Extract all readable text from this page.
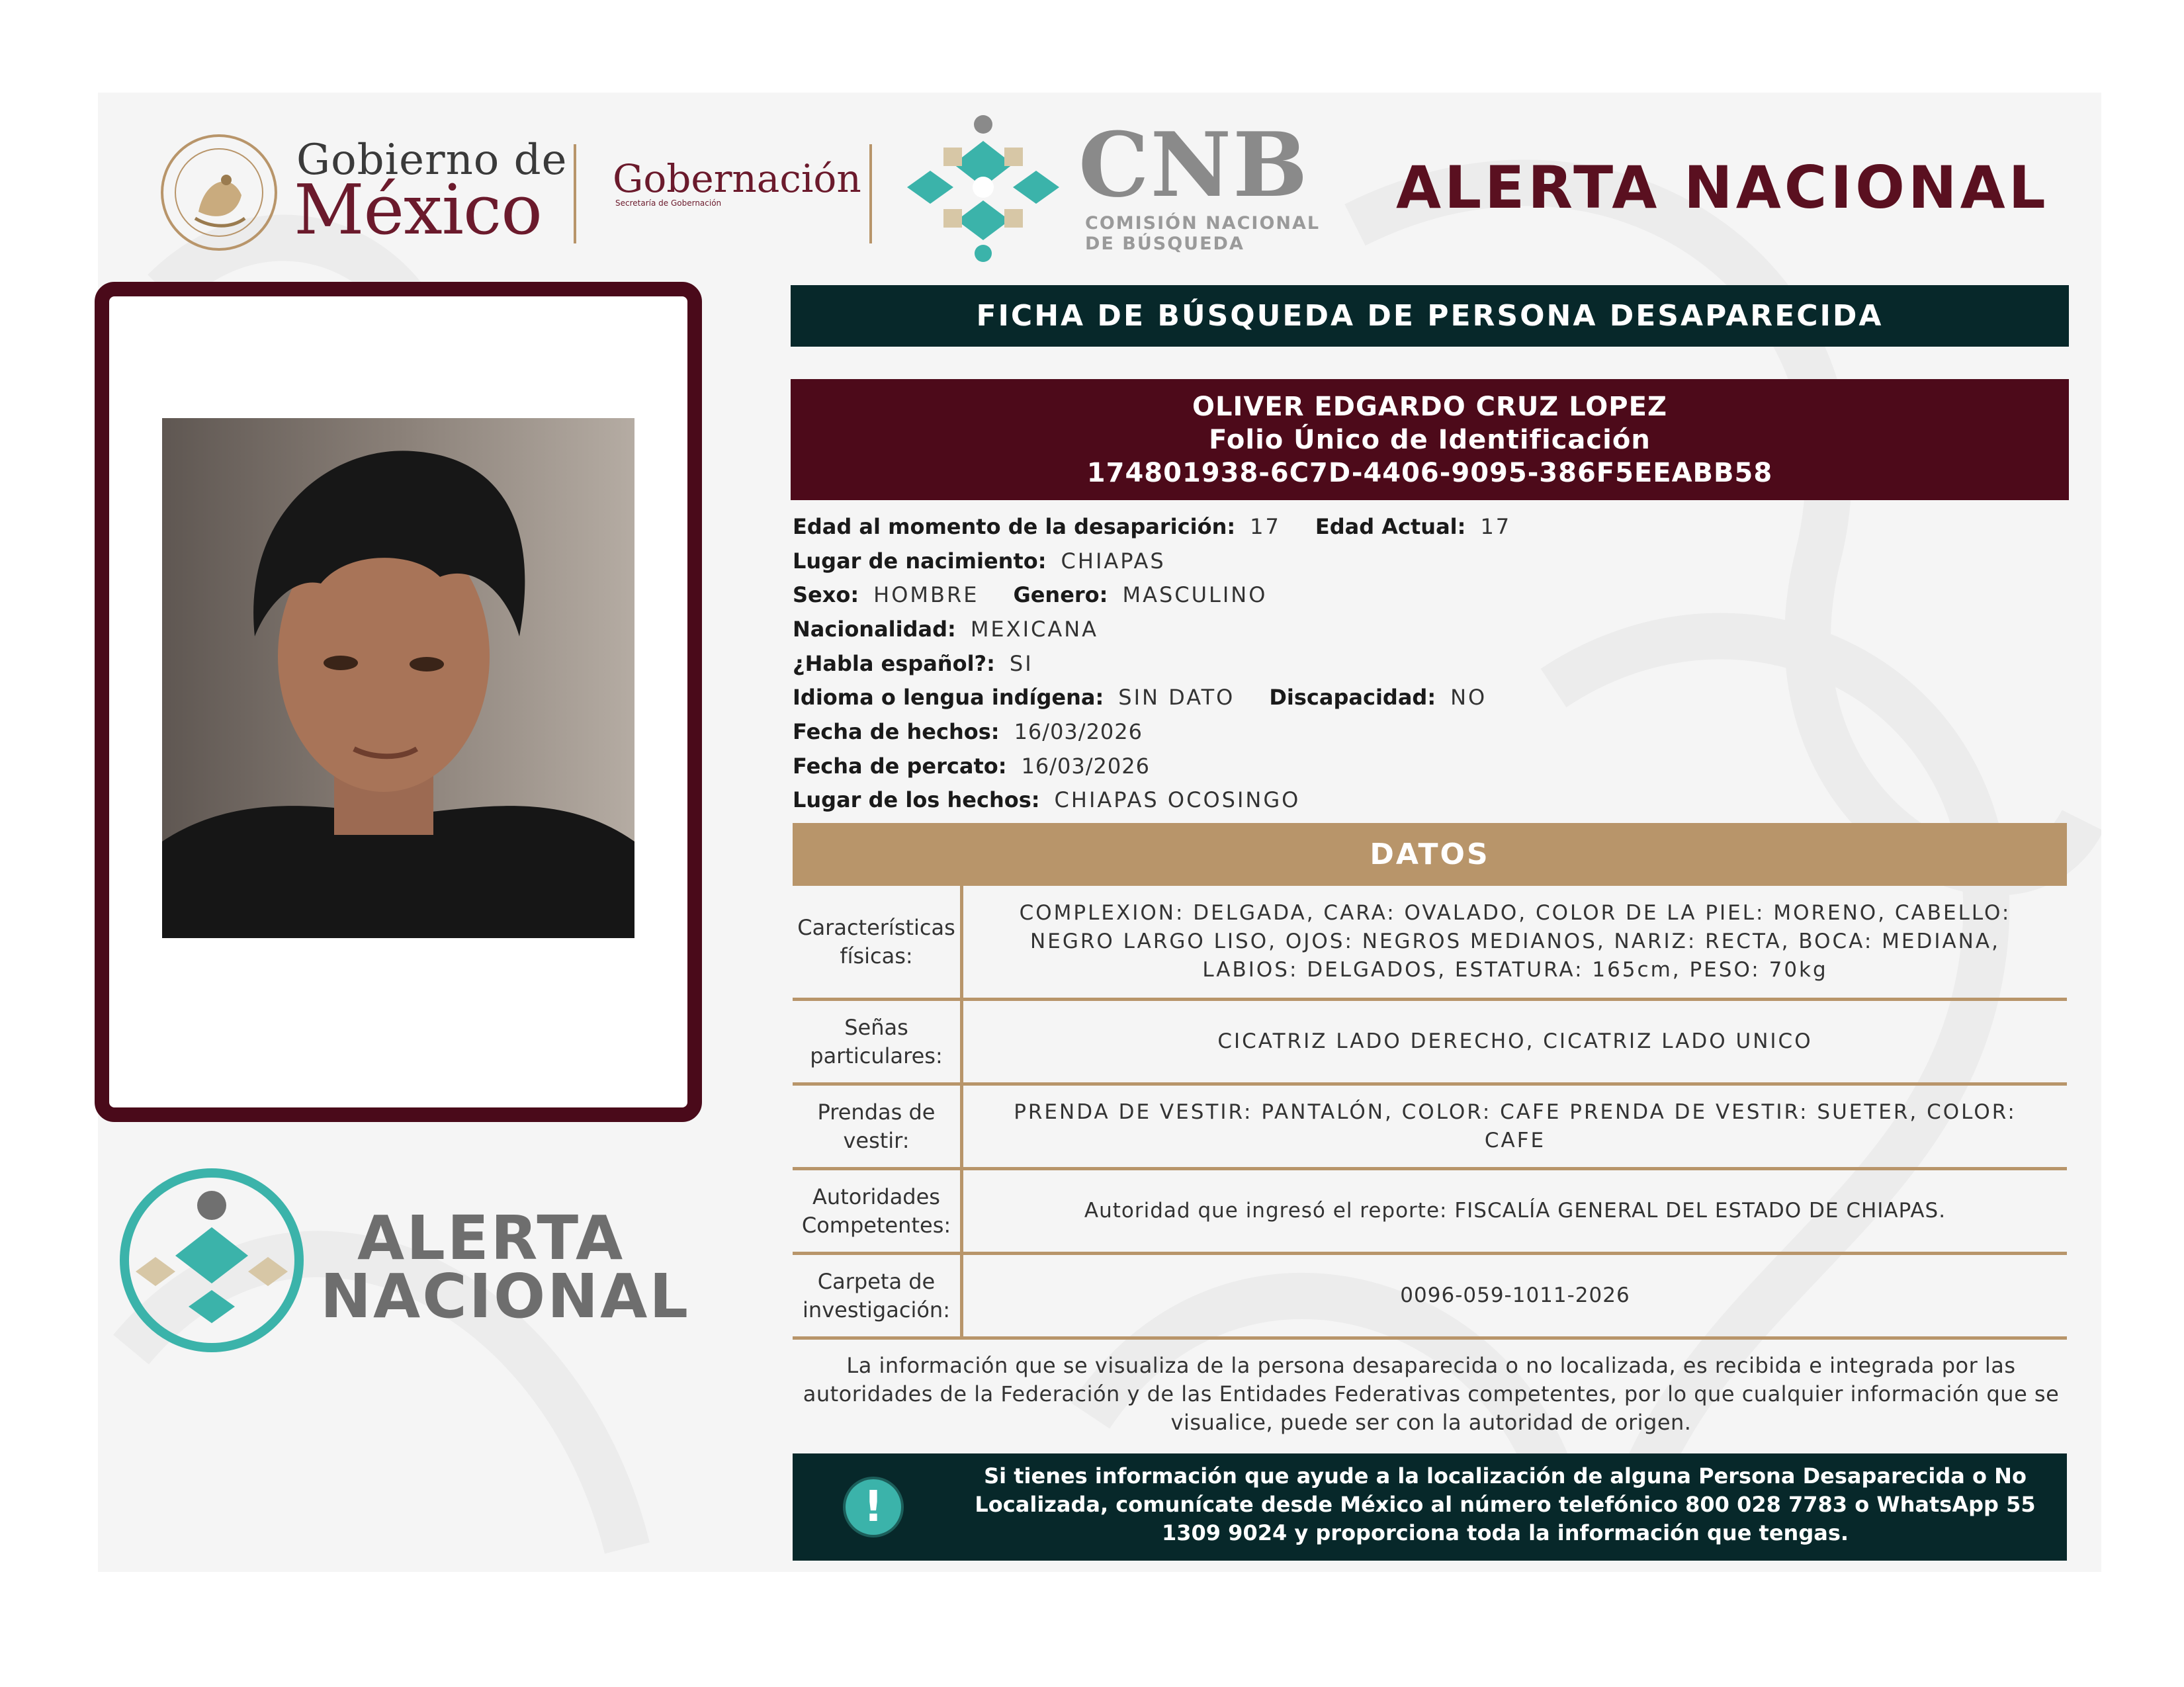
Gobierno de
México Gobernación
Secretaría de Gobernación	CNB
COMISIÓN NACIONAL
DE BÚSQUEDA
ALERTA NACIONAL
ALERTA
NACIONAL
FICHA DE BÚSQUEDA DE PERSONA DESAPARECIDA
OLIVER EDGARDO CRUZ LOPEZ
Folio Único de Identificación
174801938-6C7D-4406-9095-386F5EEABB58
Edad al momento de la desaparición: 17 Edad Actual: 17
Lugar de nacimiento: CHIAPAS
Sexo: HOMBRE Genero: MASCULINO
Nacionalidad: MEXICANA
¿Habla español?: SI
Idioma o lengua indígena: SIN DATO Discapacidad: NO
Fecha de hechos: 16/03/2026
Fecha de percato: 16/03/2026
Lugar de los hechos: CHIAPAS OCOSINGO
DATOS
Características físicas:
COMPLEXION: DELGADA, CARA: OVALADO, COLOR DE LA PIEL: MORENO, CABELLO: NEGRO LARGO LISO, OJOS: NEGROS MEDIANOS, NARIZ: RECTA, BOCA: MEDIANA, LABIOS: DELGADOS, ESTATURA: 165cm, PESO: 70kg
Señas particulares:
CICATRIZ LADO DERECHO, CICATRIZ LADO UNICO
Prendas de vestir:
PRENDA DE VESTIR: PANTALÓN, COLOR: CAFE PRENDA DE VESTIR: SUETER, COLOR: CAFE
Autoridades Competentes:
Autoridad que ingresó el reporte: FISCALÍA GENERAL DEL ESTADO DE CHIAPAS.
Carpeta de investigación:
0096-059-1011-2026
La información que se visualiza de la persona desaparecida o no localizada, es recibida e integrada por las autoridades de la Federación y de las Entidades Federativas competentes, por lo que cualquier información que se visualice, puede ser con la autoridad de origen.
!
Si tienes información que ayude a la localización de alguna Persona Desaparecida o No Localizada, comunícate desde México al número telefónico 800 028 7783 o WhatsApp 55 1309 9024 y proporciona toda la información que tengas.
